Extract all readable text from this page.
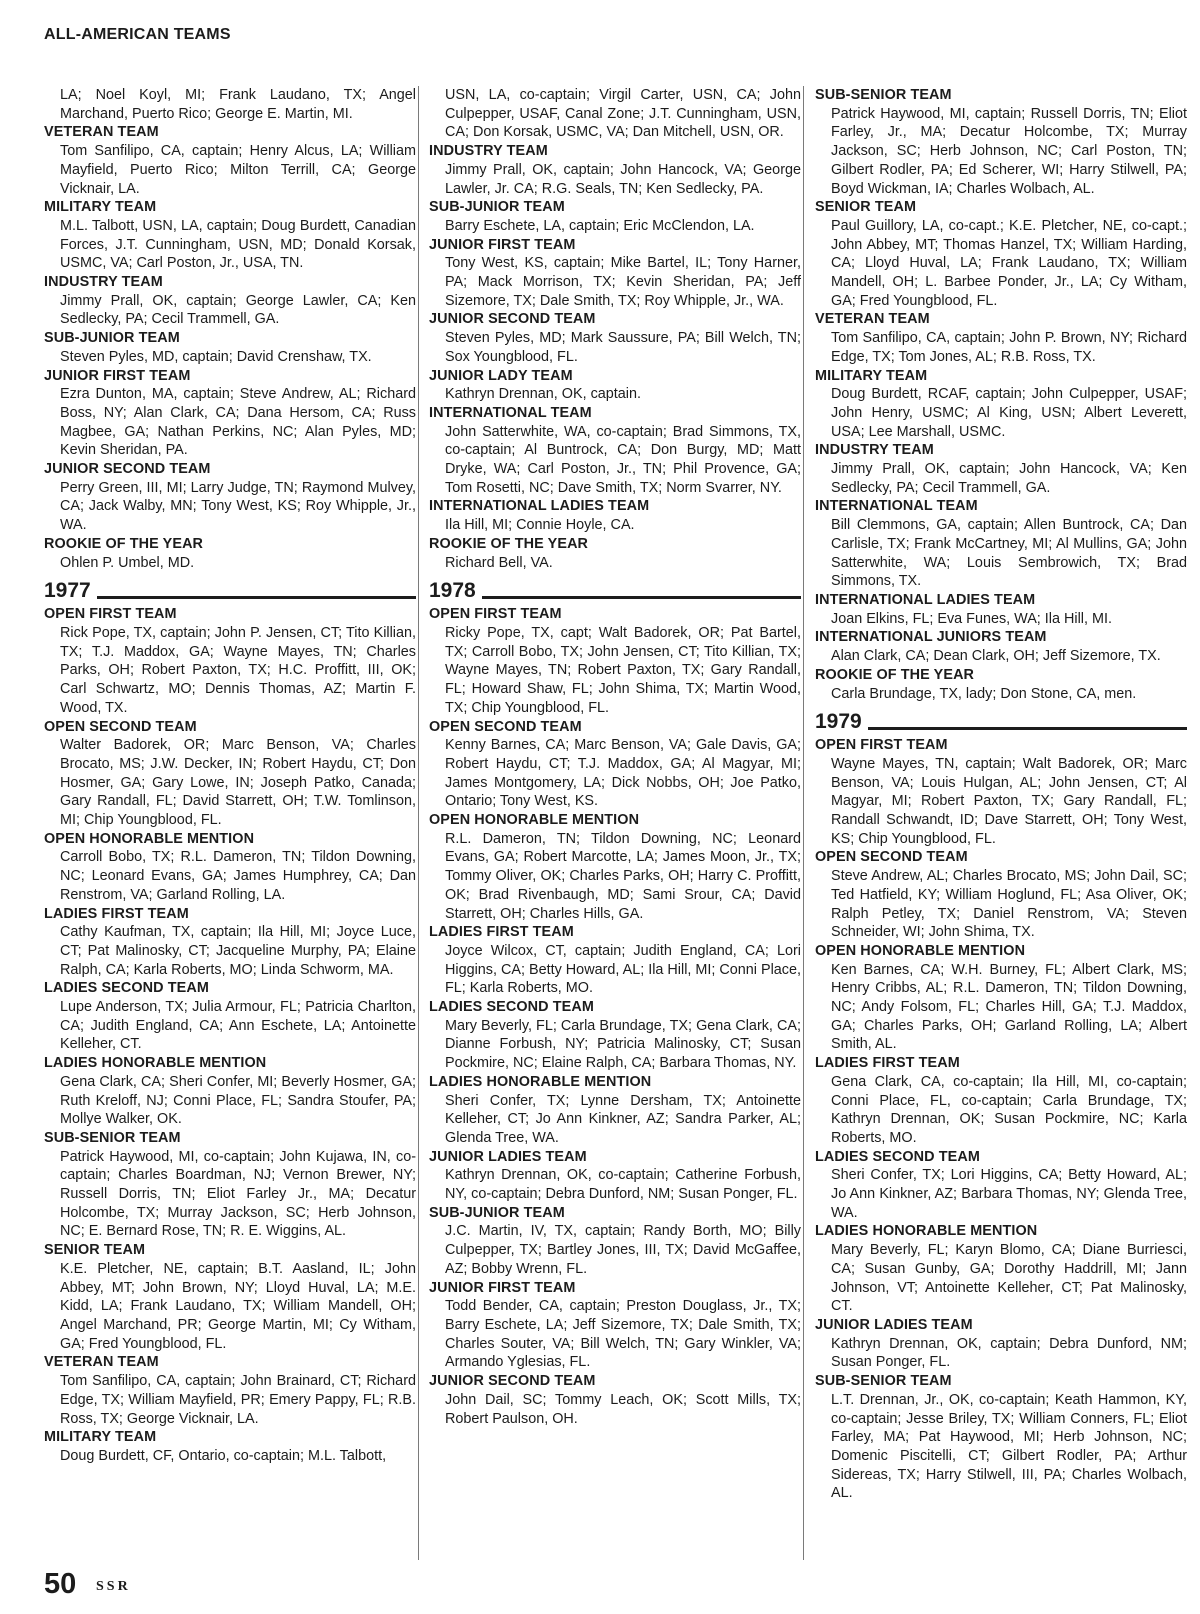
ALL-AMERICAN TEAMS
LA; Noel Koyl, MI; Frank Laudano, TX; Angel Marchand, Puerto Rico; George E. Martin, MI.
VETERAN TEAM
Tom Sanfilipo, CA, captain; Henry Alcus, LA; William Mayfield, Puerto Rico; Milton Terrill, CA; George Vicknair, LA.
MILITARY TEAM
M.L. Talbott, USN, LA, captain; Doug Burdett, Canadian Forces, J.T. Cunningham, USN, MD; Donald Korsak, USMC, VA; Carl Poston, Jr., USA, TN.
INDUSTRY TEAM
Jimmy Prall, OK, captain; George Lawler, CA; Ken Sedlecky, PA; Cecil Trammell, GA.
SUB-JUNIOR TEAM
Steven Pyles, MD, captain; David Crenshaw, TX.
JUNIOR FIRST TEAM
Ezra Dunton, MA, captain; Steve Andrew, AL; Richard Boss, NY; Alan Clark, CA; Dana Hersom, CA; Russ Magbee, GA; Nathan Perkins, NC; Alan Pyles, MD; Kevin Sheridan, PA.
JUNIOR SECOND TEAM
Perry Green, III, MI; Larry Judge, TN; Raymond Mulvey, CA; Jack Walby, MN; Tony West, KS; Roy Whipple, Jr., WA.
ROOKIE OF THE YEAR
Ohlen P. Umbel, MD.
1977
OPEN FIRST TEAM
Rick Pope, TX, captain; John P. Jensen, CT; Tito Killian, TX; T.J. Maddox, GA; Wayne Mayes, TN; Charles Parks, OH; Robert Paxton, TX; H.C. Proffitt, III, OK; Carl Schwartz, MO; Dennis Thomas, AZ; Martin F. Wood, TX.
OPEN SECOND TEAM
Walter Badorek, OR; Marc Benson, VA; Charles Brocato, MS; J.W. Decker, IN; Robert Haydu, CT; Don Hosmer, GA; Gary Lowe, IN; Joseph Patko, Canada; Gary Randall, FL; David Starrett, OH; T.W. Tomlinson, MI; Chip Youngblood, FL.
OPEN HONORABLE MENTION
Carroll Bobo, TX; R.L. Dameron, TN; Tildon Downing, NC; Leonard Evans, GA; James Humphrey, CA; Dan Renstrom, VA; Garland Rolling, LA.
LADIES FIRST TEAM
Cathy Kaufman, TX, captain; Ila Hill, MI; Joyce Luce, CT; Pat Malinosky, CT; Jacqueline Murphy, PA; Elaine Ralph, CA; Karla Roberts, MO; Linda Schworm, MA.
LADIES SECOND TEAM
Lupe Anderson, TX; Julia Armour, FL; Patricia Charlton, CA; Judith England, CA; Ann Eschete, LA; Antoinette Kelleher, CT.
LADIES HONORABLE MENTION
Gena Clark, CA; Sheri Confer, MI; Beverly Hosmer, GA; Ruth Kreloff, NJ; Conni Place, FL; Sandra Stoufer, PA; Mollye Walker, OK.
SUB-SENIOR TEAM
Patrick Haywood, MI, co-captain; John Kujawa, IN, co-captain; Charles Boardman, NJ; Vernon Brewer, NY; Russell Dorris, TN; Eliot Farley Jr., MA; Decatur Holcombe, TX; Murray Jackson, SC; Herb Johnson, NC; E. Bernard Rose, TN; R. E. Wiggins, AL.
SENIOR TEAM
K.E. Pletcher, NE, captain; B.T. Aasland, IL; John Abbey, MT; John Brown, NY; Lloyd Huval, LA; M.E. Kidd, LA; Frank Laudano, TX; William Mandell, OH; Angel Marchand, PR; George Martin, MI; Cy Witham, GA; Fred Youngblood, FL.
VETERAN TEAM
Tom Sanfilipo, CA, captain; John Brainard, CT; Richard Edge, TX; William Mayfield, PR; Emery Pappy, FL; R.B. Ross, TX; George Vicknair, LA.
MILITARY TEAM
Doug Burdett, CF, Ontario, co-captain; M.L. Talbott,
USN, LA, co-captain; Virgil Carter, USN, CA; John Culpepper, USAF, Canal Zone; J.T. Cunningham, USN, CA; Don Korsak, USMC, VA; Dan Mitchell, USN, OR.
INDUSTRY TEAM
Jimmy Prall, OK, captain; John Hancock, VA; George Lawler, Jr. CA; R.G. Seals, TN; Ken Sedlecky, PA.
SUB-JUNIOR TEAM
Barry Eschete, LA, captain; Eric McClendon, LA.
JUNIOR FIRST TEAM
Tony West, KS, captain; Mike Bartel, IL; Tony Harner, PA; Mack Morrison, TX; Kevin Sheridan, PA; Jeff Sizemore, TX; Dale Smith, TX; Roy Whipple, Jr., WA.
JUNIOR SECOND TEAM
Steven Pyles, MD; Mark Saussure, PA; Bill Welch, TN; Sox Youngblood, FL.
JUNIOR LADY TEAM
Kathryn Drennan, OK, captain.
INTERNATIONAL TEAM
John Satterwhite, WA, co-captain; Brad Simmons, TX, co-captain; Al Buntrock, CA; Don Burgy, MD; Matt Dryke, WA; Carl Poston, Jr., TN; Phil Provence, GA; Tom Rosetti, NC; Dave Smith, TX; Norm Svarrer, NY.
INTERNATIONAL LADIES TEAM
Ila Hill, MI; Connie Hoyle, CA.
ROOKIE OF THE YEAR
Richard Bell, VA.
1978
OPEN FIRST TEAM
Ricky Pope, TX, capt; Walt Badorek, OR; Pat Bartel, TX; Carroll Bobo, TX; John Jensen, CT; Tito Killian, TX; Wayne Mayes, TN; Robert Paxton, TX; Gary Randall, FL; Howard Shaw, FL; John Shima, TX; Martin Wood, TX; Chip Youngblood, FL.
OPEN SECOND TEAM
Kenny Barnes, CA; Marc Benson, VA; Gale Davis, GA; Robert Haydu, CT; T.J. Maddox, GA; Al Magyar, MI; James Montgomery, LA; Dick Nobbs, OH; Joe Patko, Ontario; Tony West, KS.
OPEN HONORABLE MENTION
R.L. Dameron, TN; Tildon Downing, NC; Leonard Evans, GA; Robert Marcotte, LA; James Moon, Jr., TX; Tommy Oliver, OK; Charles Parks, OH; Harry C. Proffitt, OK; Brad Rivenbaugh, MD; Sami Srour, CA; David Starrett, OH; Charles Hills, GA.
LADIES FIRST TEAM
Joyce Wilcox, CT, captain; Judith England, CA; Lori Higgins, CA; Betty Howard, AL; Ila Hill, MI; Conni Place, FL; Karla Roberts, MO.
LADIES SECOND TEAM
Mary Beverly, FL; Carla Brundage, TX; Gena Clark, CA; Dianne Forbush, NY; Patricia Malinosky, CT; Susan Pockmire, NC; Elaine Ralph, CA; Barbara Thomas, NY.
LADIES HONORABLE MENTION
Sheri Confer, TX; Lynne Dersham, TX; Antoinette Kelleher, CT; Jo Ann Kinkner, AZ; Sandra Parker, AL; Glenda Tree, WA.
JUNIOR LADIES TEAM
Kathryn Drennan, OK, co-captain; Catherine Forbush, NY, co-captain; Debra Dunford, NM; Susan Ponger, FL.
SUB-JUNIOR TEAM
J.C. Martin, IV, TX, captain; Randy Borth, MO; Billy Culpepper, TX; Bartley Jones, III, TX; David McGaffee, AZ; Bobby Wrenn, FL.
JUNIOR FIRST TEAM
Todd Bender, CA, captain; Preston Douglass, Jr., TX; Barry Eschete, LA; Jeff Sizemore, TX; Dale Smith, TX; Charles Souter, VA; Bill Welch, TN; Gary Winkler, VA; Armando Yglesias, FL.
JUNIOR SECOND TEAM
John Dail, SC; Tommy Leach, OK; Scott Mills, TX; Robert Paulson, OH.
SUB-SENIOR TEAM
Patrick Haywood, MI, captain; Russell Dorris, TN; Eliot Farley, Jr., MA; Decatur Holcombe, TX; Murray Jackson, SC; Herb Johnson, NC; Carl Poston, TN; Gilbert Rodler, PA; Ed Scherer, WI; Harry Stilwell, PA; Boyd Wickman, IA; Charles Wolbach, AL.
SENIOR TEAM
Paul Guillory, LA, co-capt.; K.E. Pletcher, NE, co-capt.; John Abbey, MT; Thomas Hanzel, TX; William Harding, CA; Lloyd Huval, LA; Frank Laudano, TX; William Mandell, OH; L. Barbee Ponder, Jr., LA; Cy Witham, GA; Fred Youngblood, FL.
VETERAN TEAM
Tom Sanfilipo, CA, captain; John P. Brown, NY; Richard Edge, TX; Tom Jones, AL; R.B. Ross, TX.
MILITARY TEAM
Doug Burdett, RCAF, captain; John Culpepper, USAF; John Henry, USMC; Al King, USN; Albert Leverett, USA; Lee Marshall, USMC.
INDUSTRY TEAM
Jimmy Prall, OK, captain; John Hancock, VA; Ken Sedlecky, PA; Cecil Trammell, GA.
INTERNATIONAL TEAM
Bill Clemmons, GA, captain; Allen Buntrock, CA; Dan Carlisle, TX; Frank McCartney, MI; Al Mullins, GA; John Satterwhite, WA; Louis Sembrowich, TX; Brad Simmons, TX.
INTERNATIONAL LADIES TEAM
Joan Elkins, FL; Eva Funes, WA; Ila Hill, MI.
INTERNATIONAL JUNIORS TEAM
Alan Clark, CA; Dean Clark, OH; Jeff Sizemore, TX.
ROOKIE OF THE YEAR
Carla Brundage, TX, lady; Don Stone, CA, men.
1979
OPEN FIRST TEAM
Wayne Mayes, TN, captain; Walt Badorek, OR; Marc Benson, VA; Louis Hulgan, AL; John Jensen, CT; Al Magyar, MI; Robert Paxton, TX; Gary Randall, FL; Randall Schwandt, ID; Dave Starrett, OH; Tony West, KS; Chip Youngblood, FL.
OPEN SECOND TEAM
Steve Andrew, AL; Charles Brocato, MS; John Dail, SC; Ted Hatfield, KY; William Hoglund, FL; Asa Oliver, OK; Ralph Petley, TX; Daniel Renstrom, VA; Steven Schneider, WI; John Shima, TX.
OPEN HONORABLE MENTION
Ken Barnes, CA; W.H. Burney, FL; Albert Clark, MS; Henry Cribbs, AL; R.L. Dameron, TN; Tildon Downing, NC; Andy Folsom, FL; Charles Hill, GA; T.J. Maddox, GA; Charles Parks, OH; Garland Rolling, LA; Albert Smith, AL.
LADIES FIRST TEAM
Gena Clark, CA, co-captain; Ila Hill, MI, co-captain; Conni Place, FL, co-captain; Carla Brundage, TX; Kathryn Drennan, OK; Susan Pockmire, NC; Karla Roberts, MO.
LADIES SECOND TEAM
Sheri Confer, TX; Lori Higgins, CA; Betty Howard, AL; Jo Ann Kinkner, AZ; Barbara Thomas, NY; Glenda Tree, WA.
LADIES HONORABLE MENTION
Mary Beverly, FL; Karyn Blomo, CA; Diane Burriesci, CA; Susan Gunby, GA; Dorothy Haddrill, MI; Jann Johnson, VT; Antoinette Kelleher, CT; Pat Malinosky, CT.
JUNIOR LADIES TEAM
Kathryn Drennan, OK, captain; Debra Dunford, NM; Susan Ponger, FL.
SUB-SENIOR TEAM
L.T. Drennan, Jr., OK, co-captain; Keath Hammon, KY, co-captain; Jesse Briley, TX; William Conners, FL; Eliot Farley, MA; Pat Haywood, MI; Herb Johnson, NC; Domenic Piscitelli, CT; Gilbert Rodler, PA; Arthur Sidereas, TX; Harry Stilwell, III, PA; Charles Wolbach, AL.
50 SSR
